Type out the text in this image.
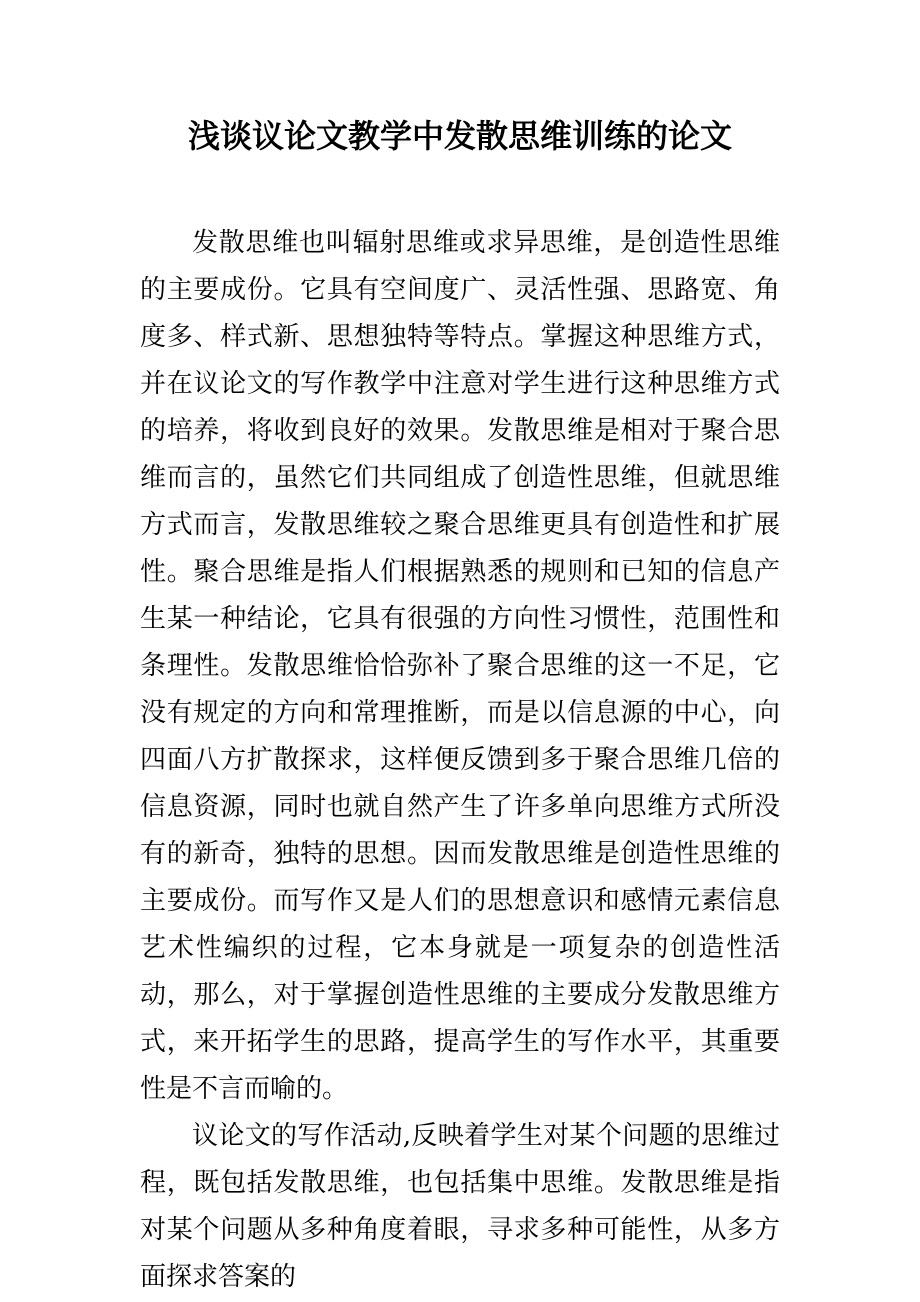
浅谈议论文教学中发散思维训练的论文

发散思维也叫辐射思维或求异思维，是创造性思维的主要成份。它具有空间度广、灵活性强、思路宽、角度多、样式新、思想独特等特点。掌握这种思维方式，并在议论文的写作教学中注意对学生进行这种思维方式的培养，将收到良好的效果。发散思维是相对于聚合思维而言的，虽然它们共同组成了创造性思维，但就思维方式而言，发散思维较之聚合思维更具有创造性和扩展性。聚合思维是指人们根据熟悉的规则和已知的信息产生某一种结论，它具有很强的方向性习惯性，范围性和条理性。发散思维恰恰弥补了聚合思维的这一不足，它没有规定的方向和常理推断，而是以信息源的中心，向四面八方扩散探求，这样便反馈到多于聚合思维几倍的信息资源，同时也就自然产生了许多单向思维方式所没有的新奇，独特的思想。因而发散思维是创造性思维的主要成份。而写作又是人们的思想意识和感情元素信息艺术性编织的过程，它本身就是一项复杂的创造性活动，那么，对于掌握创造性思维的主要成分发散思维方式，来开拓学生的思路，提高学生的写作水平，其重要性是不言而喻的。

议论文的写作活动,反映着学生对某个问题的思维过程，既包括发散思维，也包括集中思维。发散思维是指对某个问题从多种角度着眼，寻求多种可能性，从多方面探求答案的
